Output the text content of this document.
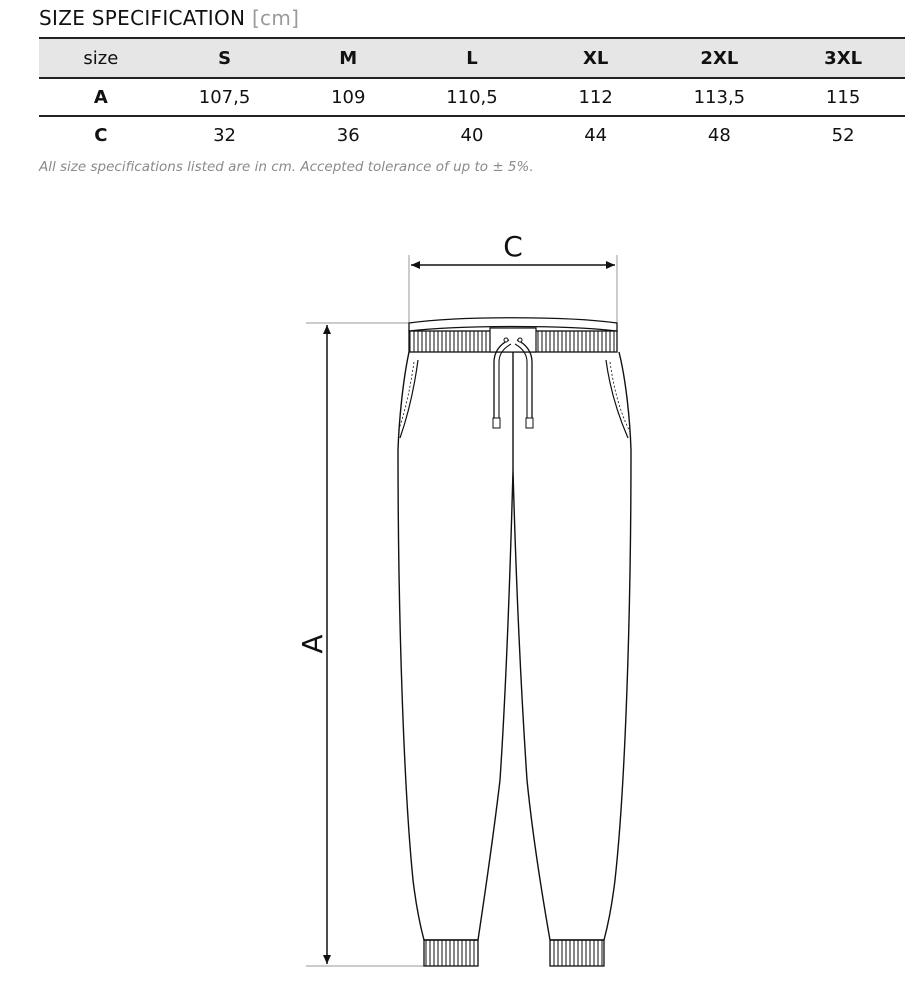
SIZE SPECIFICATION [cm]
size	S	M	L	XL	2XL	3XL
A	107,5	109	110,5	112	113,5	115
C	32	36	40	44	48	52
All size specifications listed are in cm. Accepted tolerance of up to ± 5%.
C
A
